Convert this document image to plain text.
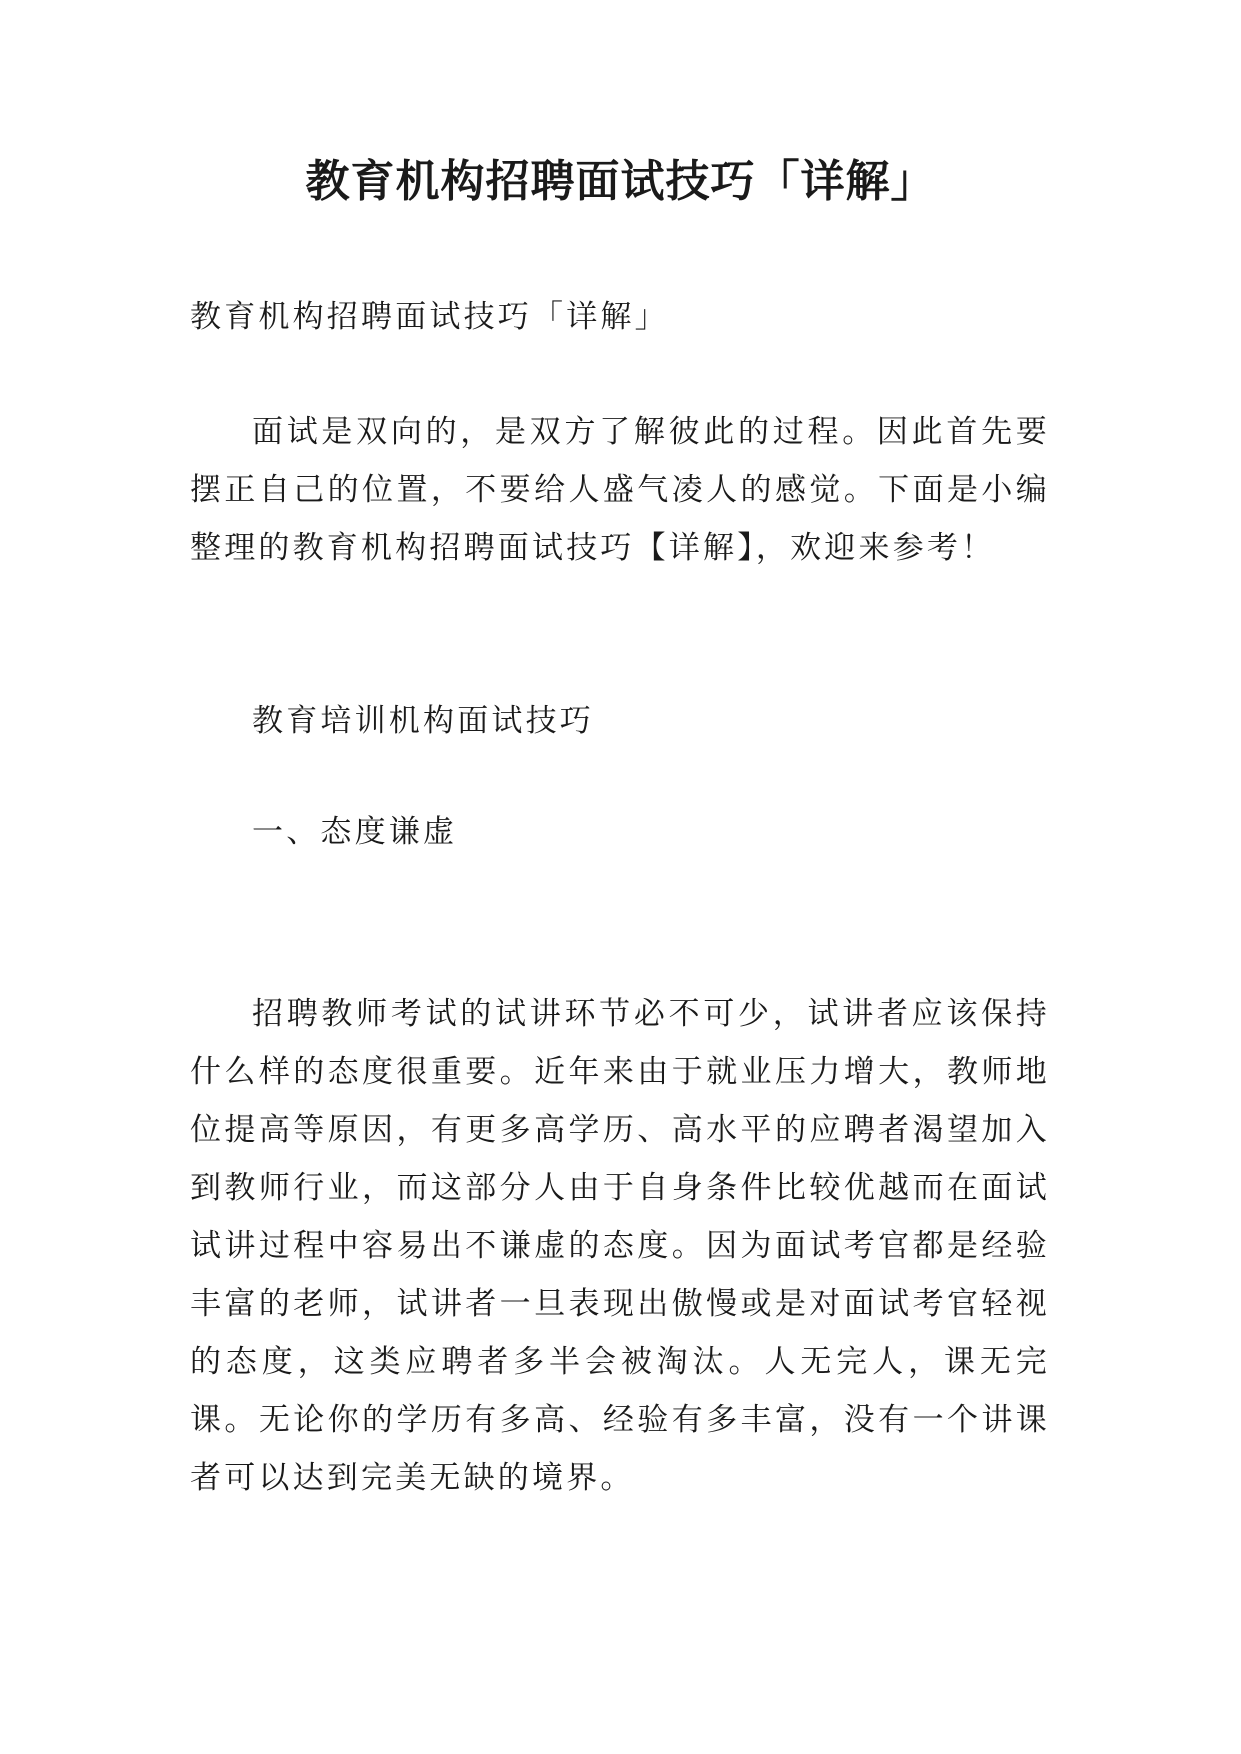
教育机构招聘面试技巧「详解」

教育机构招聘面试技巧「详解」

面试是双向的，是双方了解彼此的过程。因此首先要摆正自己的位置，不要给人盛气凌人的感觉。下面是小编整理的教育机构招聘面试技巧【详解】，欢迎来参考！

教育培训机构面试技巧

一、态度谦虚

招聘教师考试的试讲环节必不可少，试讲者应该保持什么样的态度很重要。近年来由于就业压力增大，教师地位提高等原因，有更多高学历、高水平的应聘者渴望加入到教师行业，而这部分人由于自身条件比较优越而在面试试讲过程中容易出不谦虚的态度。因为面试考官都是经验丰富的老师，试讲者一旦表现出傲慢或是对面试考官轻视的态度，这类应聘者多半会被淘汰。人无完人，课无完课。无论你的学历有多高、经验有多丰富，没有一个讲课者可以达到完美无缺的境界。
